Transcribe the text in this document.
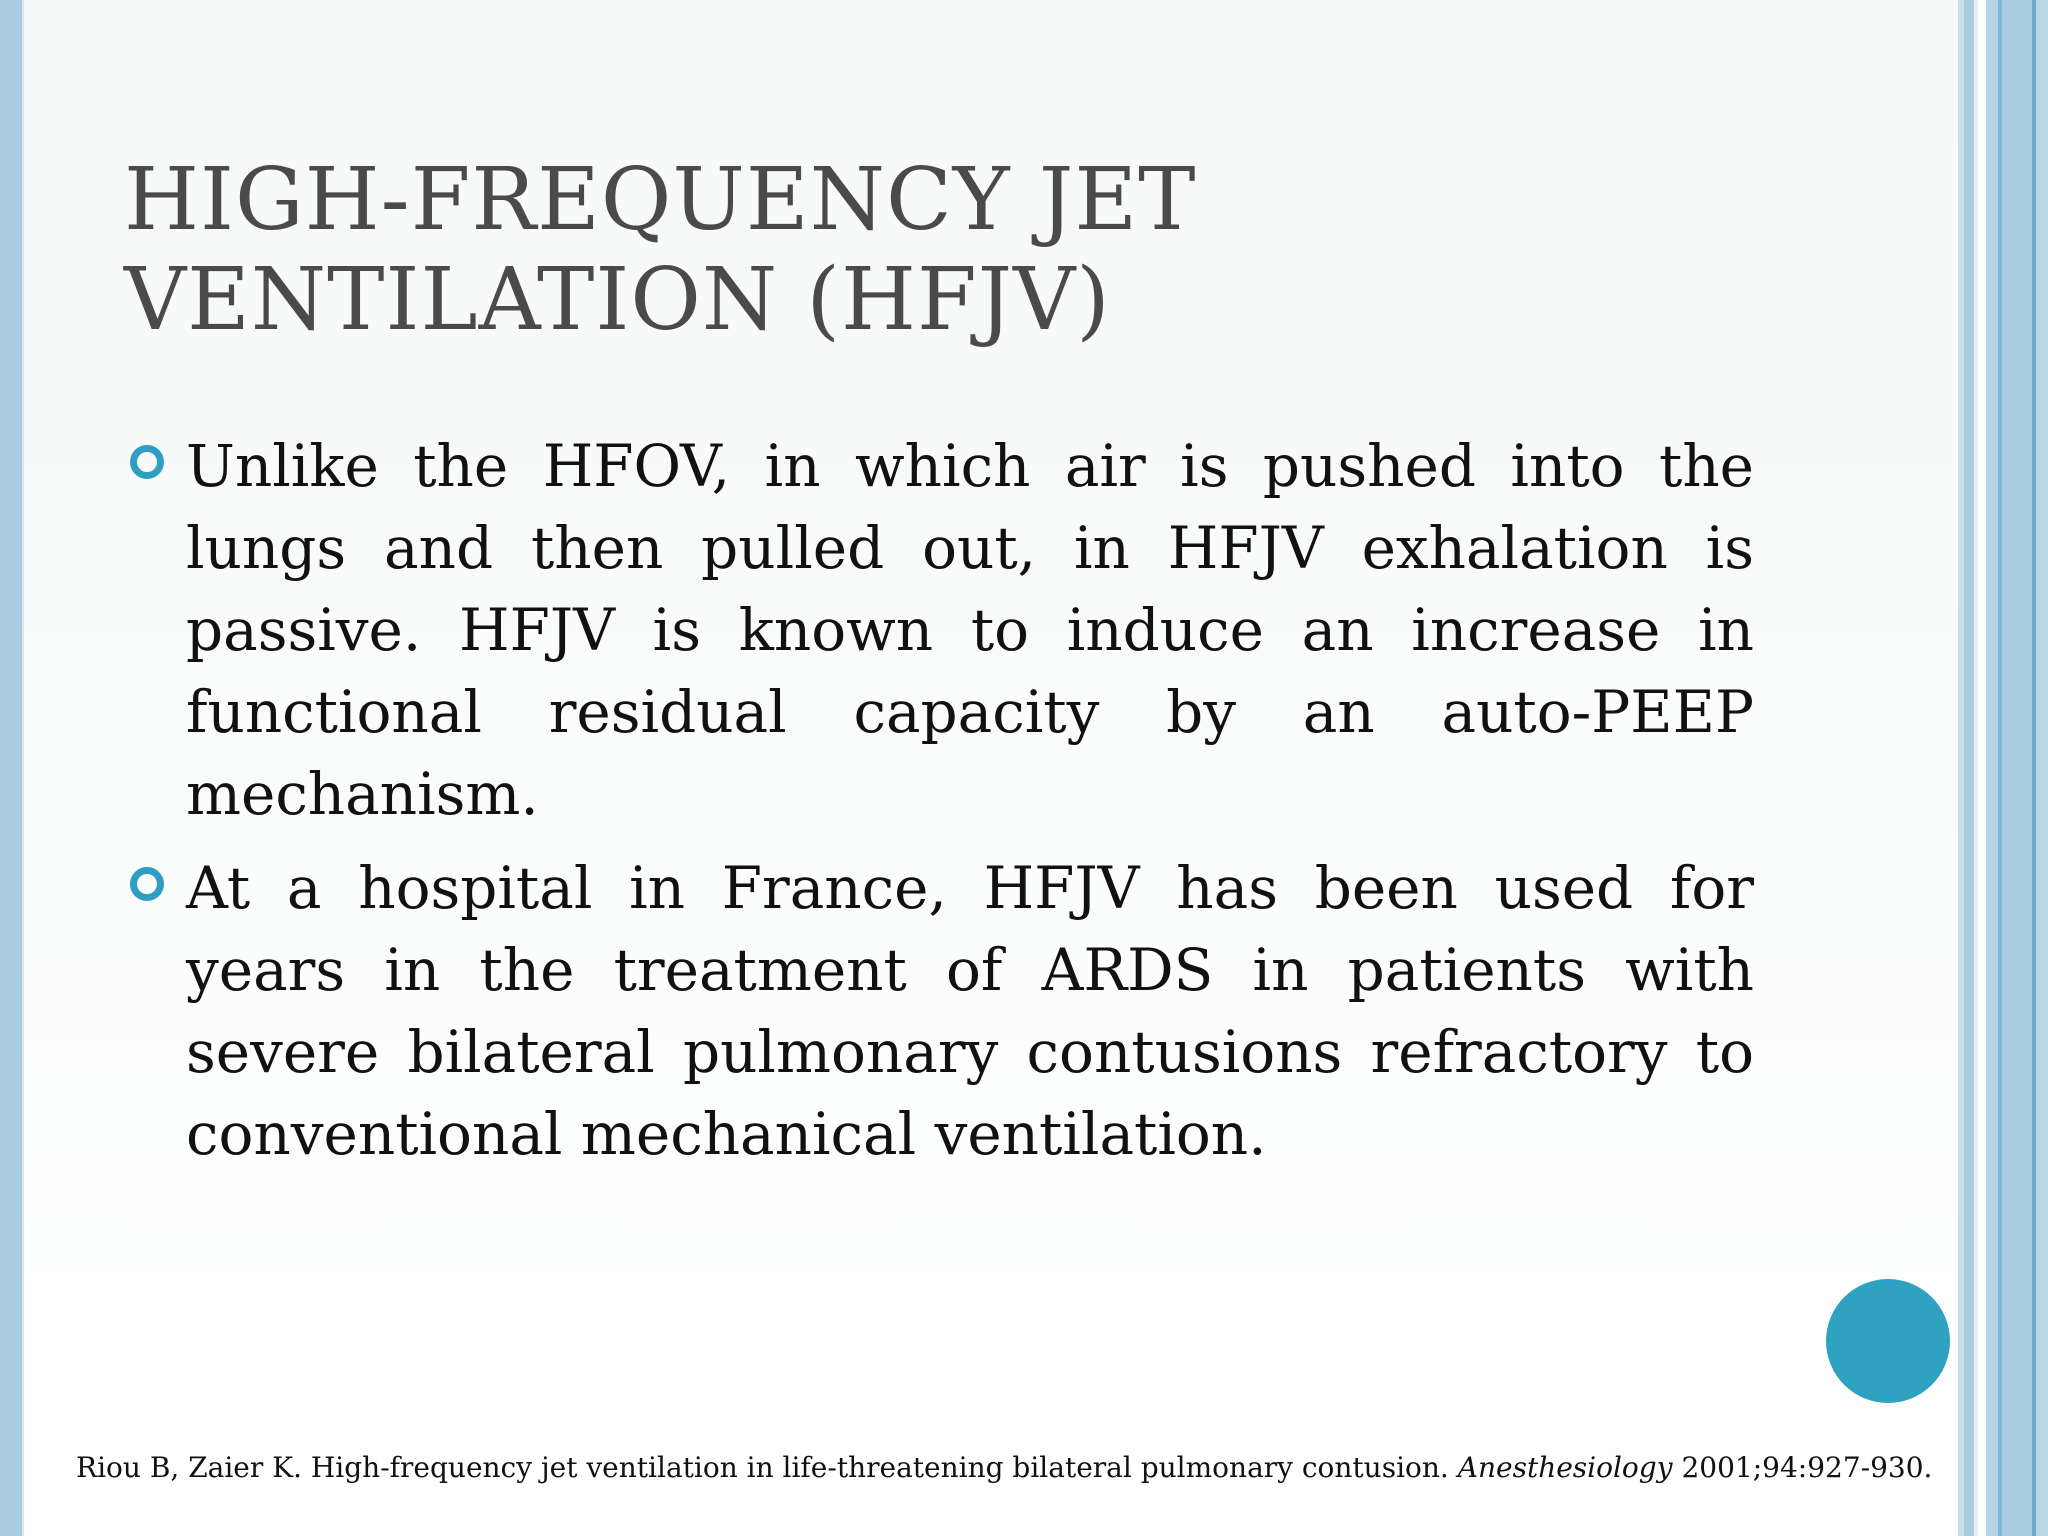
HIGH-FREQUENCY JET
VENTILATION (HFJV)
Unlike the HFOV, in which air is pushed into the lungs and then pulled out, in HFJV exhalation is passive. HFJV is known to induce an increase in functional residual capacity by an auto-PEEP mechanism.
At a hospital in France, HFJV has been used for years in the treatment of ARDS in patients with severe bilateral pulmonary contusions refractory to conventional mechanical ventilation.
Riou B, Zaier K. High-frequency jet ventilation in life-threatening bilateral pulmonary contusion. Anesthesiology 2001;94:927-930.
